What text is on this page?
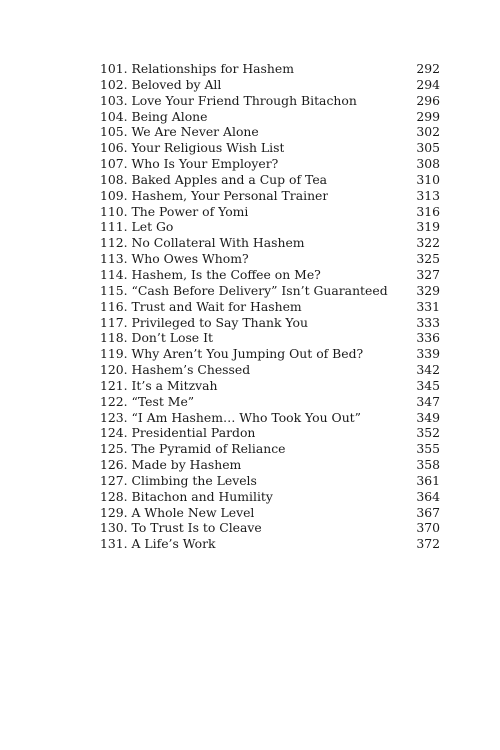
101. Relationships for Hashem	292
102. Beloved by All	294
103. Love Your Friend Through Bitachon	296
104. Being Alone	299
105. We Are Never Alone	302
106. Your Religious Wish List	305
107. Who Is Your Employer?	308
108. Baked Apples and a Cup of Tea	310
109. Hashem, Your Personal Trainer	313
110. The Power of Yomi	316
111. Let Go	319
112. No Collateral With Hashem	322
113. Who Owes Whom?	325
114. Hashem, Is the Coffee on Me?	327
115. “Cash Before Delivery” Isn’t Guaranteed 329
116. Trust and Wait for Hashem	331
117. Privileged to Say Thank You	333
118. Don’t Lose It	336
119. Why Aren’t You Jumping Out of Bed?	339
120. Hashem’s Chessed	342
121. It’s a Mitzvah	345
122. “Test Me”	347
123. “I Am Hashem… Who Took You Out”	349
124. Presidential Pardon	352
125. The Pyramid of Reliance	355
126. Made by Hashem	358
127. Climbing the Levels	361
128. Bitachon and Humility	364
129. A Whole New Level	367
130. To Trust Is to Cleave	370
131. A Life’s Work	372
